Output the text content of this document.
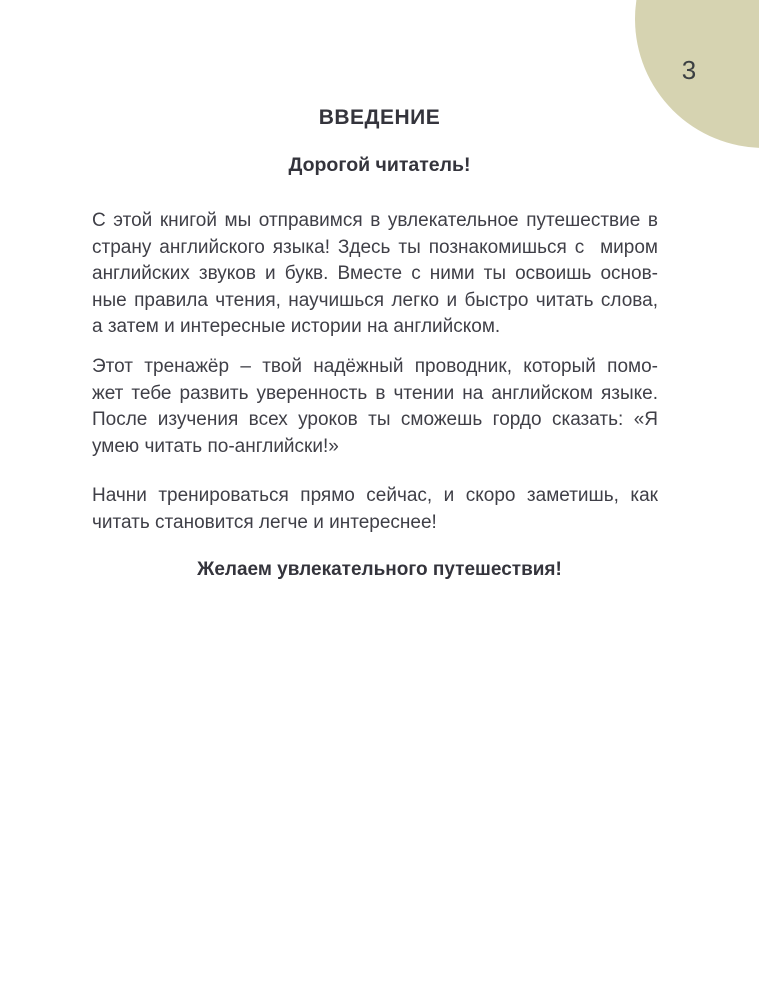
3
ВВЕДЕНИЕ
Дорогой читатель!
С этой книгой мы отправимся в увлекательное путешествие в
страну английского языка! Здесь ты познакомишься с  миром
английских звуков и букв. Вместе с ними ты освоишь основ-
ные правила чтения, научишься легко и быстро читать слова,
а затем и интересные истории на английском.
Этот тренажёр – твой надёжный проводник, который помо-
жет тебе развить уверенность в чтении на английском языке.
После изучения всех уроков ты сможешь гордо сказать: «Я
умею читать по-английски!»
Начни тренироваться прямо сейчас, и скоро заметишь, как
читать становится легче и интереснее!
Желаем увлекательного путешествия!
